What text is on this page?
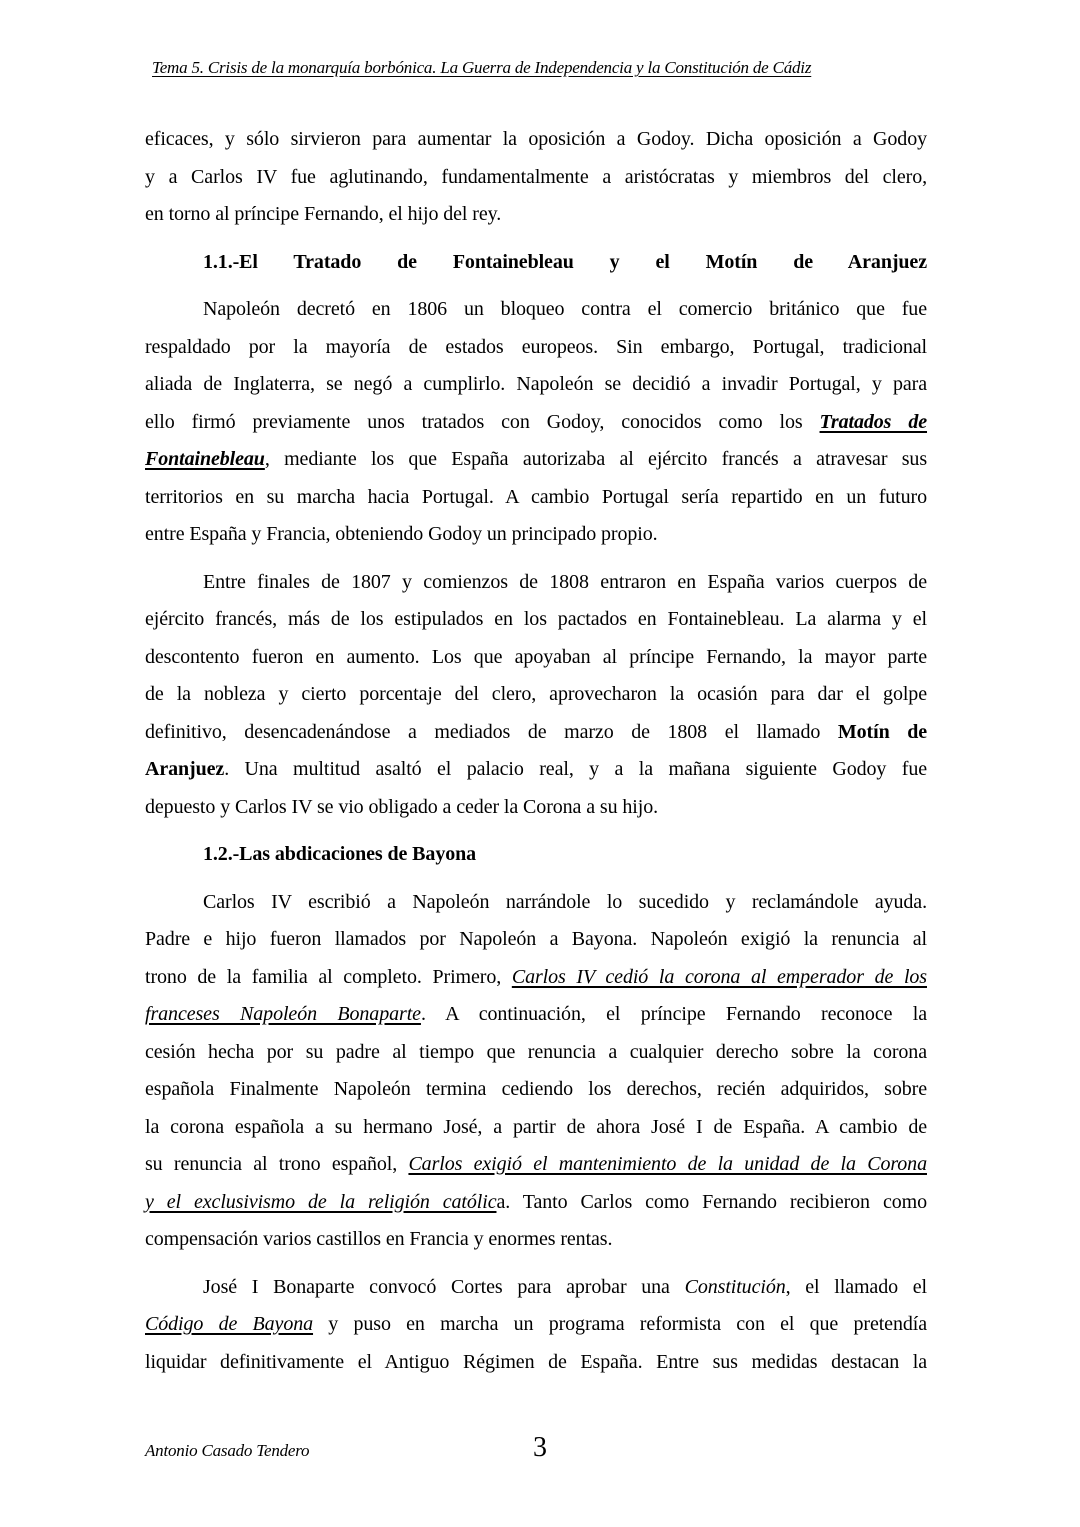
Tema 5. Crisis de la monarquía borbónica. La Guerra de Independencia y la Constitución de Cádiz

eficaces, y sólo sirvieron para aumentar la oposición a Godoy. Dicha oposición a Godoy
y a Carlos IV fue aglutinando, fundamentalmente a aristócratas y miembros del clero,
en torno al príncipe Fernando, el hijo del rey.

1.1.-El Tratado de Fontainebleau y el Motín de Aranjuez

Napoleón decretó en 1806 un bloqueo contra el comercio británico que fue
respaldado por la mayoría de estados europeos. Sin embargo, Portugal, tradicional
aliada de Inglaterra, se negó a cumplirlo. Napoleón se decidió a invadir Portugal, y para
ello firmó previamente unos tratados con Godoy, conocidos como los Tratados de
Fontainebleau, mediante los que España autorizaba al ejército francés a atravesar sus
territorios en su marcha hacia Portugal. A cambio Portugal sería repartido en un futuro
entre España y Francia, obteniendo Godoy un principado propio.

Entre finales de 1807 y comienzos de 1808 entraron en España varios cuerpos de
ejército francés, más de los estipulados en los pactados en Fontainebleau. La alarma y el
descontento fueron en aumento. Los que apoyaban al príncipe Fernando, la mayor parte
de la nobleza y cierto porcentaje del clero, aprovecharon la ocasión para dar el golpe
definitivo, desencadenándose a mediados de marzo de 1808 el llamado Motín de
Aranjuez. Una multitud asaltó el palacio real, y a la mañana siguiente Godoy fue
depuesto y Carlos IV se vio obligado a ceder la Corona a su hijo.

1.2.-Las abdicaciones de Bayona

Carlos IV escribió a Napoleón narrándole lo sucedido y reclamándole ayuda.
Padre e hijo fueron llamados por Napoleón a Bayona. Napoleón exigió la renuncia al
trono de la familia al completo. Primero, Carlos IV cedió la corona al emperador de los
franceses Napoleón Bonaparte. A continuación, el príncipe Fernando reconoce la
cesión hecha por su padre al tiempo que renuncia a cualquier derecho sobre la corona
española Finalmente Napoleón termina cediendo los derechos, recién adquiridos, sobre
la corona española a su hermano José, a partir de ahora José I de España. A cambio de
su renuncia al trono español, Carlos exigió el mantenimiento de la unidad de la Corona
y el exclusivismo de la religión católica. Tanto Carlos como Fernando recibieron como
compensación varios castillos en Francia y enormes rentas.

José I Bonaparte convocó Cortes para aprobar una Constitución, el llamado el
Código de Bayona y puso en marcha un programa reformista con el que pretendía
liquidar definitivamente el Antiguo Régimen de España. Entre sus medidas destacan la

Antonio Casado Tendero	3
